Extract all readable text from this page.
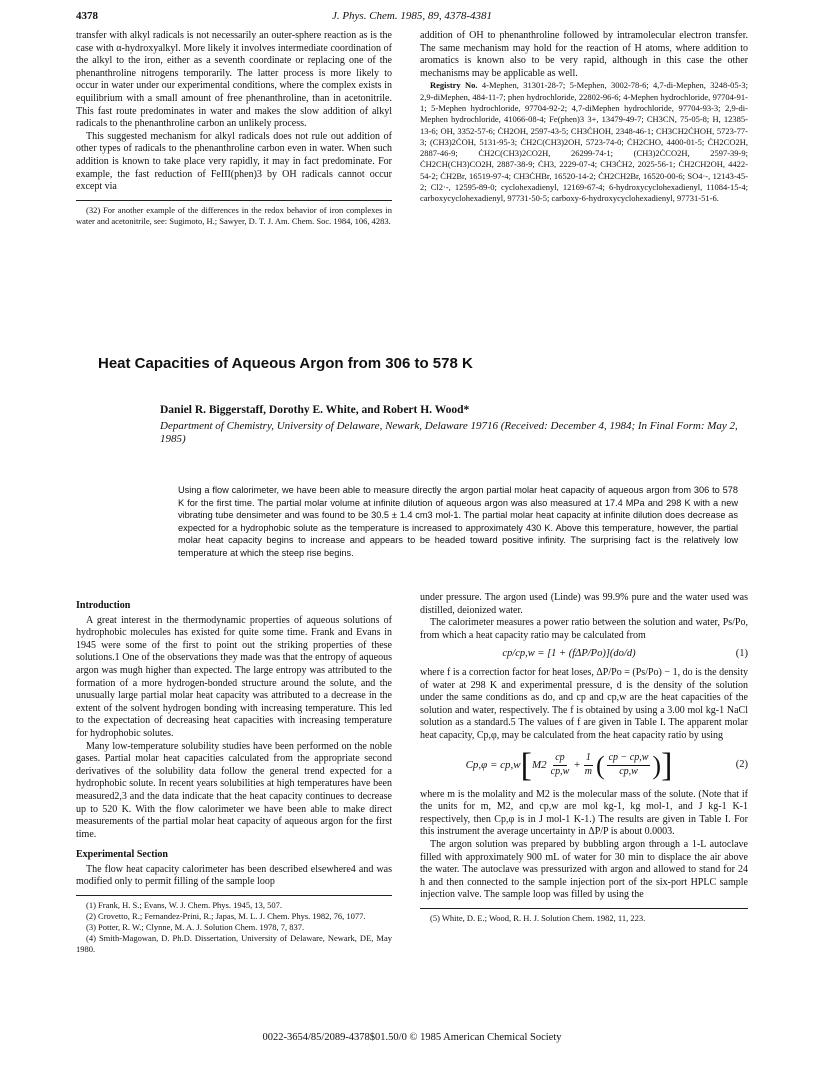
4378	J. Phys. Chem. 1985, 89, 4378-4381

transfer with alkyl radicals is not necessarily an outer-sphere reaction as is the case with α-hydroxyalkyl. More likely it involves intermediate coordination of the alkyl to the iron, either as a seventh coordinate or replacing one of the phenanthroline nitrogens temporarily. The latter process is more likely to occur in water under our experimental conditions, where the complex exists in equilibrium with a small amount of free phenanthroline, than in acetonitrile. This fast route predominates in water and makes the slow addition of alkyl radicals to the phenanthroline carbon an unlikely process.

This suggested mechanism for alkyl radicals does not rule out addition of other types of radicals to the phenanthroline carbon even in water. When such addition is known to take place very rapidly, it may in fact predominate. For example, the fast reduction of FeIII(phen)3 by OH radicals cannot occur except via

(32) For another example of the differences in the redox behavior of iron complexes in water and acetonitrile, see: Sugimoto, H.; Sawyer, D. T. J. Am. Chem. Soc. 1984, 106, 4283.

addition of OH to phenanthroline followed by intramolecular electron transfer. The same mechanism may hold for the reaction of H atoms, where addition to aromatics is known also to be very rapid, although in this case the other mechanisms may be applicable as well.

Registry No. 4-Mephen, 31301-28-7; 5-Mephen, 3002-78-6; 4,7-di-Mephen, 3248-05-3; 2,9-diMephen, 484-11-7; phen hydrochloride, 22802-96-6; 4-Mephen hydrochloride, 97704-91-1; 5-Mephen hydrochloride, 97704-92-2; 4,7-diMephen hydrochloride, 97704-93-3; 2,9-di-Mephen hydrochloride, 41066-08-4; Fe(phen)3 3+, 13479-49-7; CH3CN, 75-05-8; H, 12385-13-6; OH, 3352-57-6; ĊH2OH, 2597-43-5; CH3ĊHOH, 2348-46-1; CH3CH2ĊHOH, 5723-77-3; (CH3)2ĊOH, 5131-95-3; ĊH2C(CH3)2OH, 5723-74-0; ĊH2CHO, 4400-01-5; ĊH2CO2H, 2887-46-9; ĊH2C(CH3)2CO2H, 26299-74-1; (CH3)2ĊCO2H, 2597-39-9; ĊH2CH(CH3)CO2H, 2887-38-9; ĊH3, 2229-07-4; CH3ĊH2, 2025-56-1; ĊH2CH2OH, 4422-54-2; ĊH2Br, 16519-97-4; CH3ĊHBr, 16520-14-2; ĊH2CH2Br, 16520-00-6; SO4·-, 12143-45-2; Cl2·-, 12595-89-0; cyclohexadienyl, 12169-67-4; 6-hydroxycyclohexadienyl, 11084-15-4; carboxycyclohexadienyl, 97731-50-5; carboxy-6-hydroxycyclohexadienyl, 97731-51-6.

Heat Capacities of Aqueous Argon from 306 to 578 K
Daniel R. Biggerstaff, Dorothy E. White, and Robert H. Wood*
Department of Chemistry, University of Delaware, Newark, Delaware 19716 (Received: December 4, 1984; In Final Form: May 2, 1985)
Using a flow calorimeter, we have been able to measure directly the argon partial molar heat capacity of aqueous argon from 306 to 578 K for the first time. The partial molar volume at infinite dilution of aqueous argon was also measured at 17.4 MPa and 298 K with a new vibrating tube densimeter and was found to be 30.5 ± 1.4 cm3 mol-1. The partial molar heat capacity at infinite dilution does decrease as expected for a hydrophobic solute as the temperature is increased to approximately 430 K. Above this temperature, however, the partial molar heat capacity begins to increase and appears to be headed toward positive infinity. The surprising fact is the relatively low temperature at which the steep rise begins.
Introduction

A great interest in the thermodynamic properties of aqueous solutions of hydrophobic molecules has existed for quite some time. Frank and Evans in 1945 were some of the first to point out the striking properties of these solutions.1 One of the observations they made was that the entropy of aqueous argon was mugh higher than expected. The large entropy was attributed to the formation of a more hydrogen-bonded structure around the solute, and the unusually large partial molar heat capacity was attributed to a decrease in the extent of the solvent hydrogen bonding with increasing temperature. This led to the expectation of decreasing heat capacities with increasing temperature for hydrophobic solutes.

Many low-temperature solubility studies have been performed on the noble gases. Partial molar heat capacities calculated from the appropriate second derivatives of the solubility data follow the general trend expected for a hydrophobic solute. In recent years solubilities at high temperatures have been measured2,3 and the data indicate that the heat capacity continues to decrease up to 520 K. With the flow calorimeter we have been able to make direct measurements of the partial molar heat capacity of aqueous argon for the first time.

Experimental Section

The flow heat capacity calorimeter has been described elsewhere4 and was modified only to permit filling of the sample loop

(1) Frank, H. S.; Evans, W. J. Chem. Phys. 1945, 13, 507.

(2) Crovetto, R.; Fernandez-Prini, R.; Japas, M. L. J. Chem. Phys. 1982, 76, 1077.

(3) Potter, R. W.; Clynne, M. A. J. Solution Chem. 1978, 7, 837.

(4) Smith-Magowan, D. Ph.D. Dissertation, University of Delaware, Newark, DE, May 1980.

under pressure. The argon used (Linde) was 99.9% pure and the water used was distilled, deionized water.

The calorimeter measures a power ratio between the solution and water, Ps/Po, from which a heat capacity ratio may be calculated from

cp/cp,w = [1 + (fΔP/Po)](do/d)	(1)

where f is a correction factor for heat loses, ΔP/Po = (Ps/Po) − 1, do is the density of water at 298 K and experimental pressure, d is the density of the solution under the same conditions as do, and cp and cp,w are the heat capacities of the solution and water, respectively. The f is obtained by using a 3.00 mol kg-1 NaCl solution as a standard.5 The values of f are given in Table I. The apparent molar heat capacity, Cp,φ, may be calculated from the heat capacity ratio by using

Cp,φ = cp,w [ $M2 \frac{cp}{cp,w} + \frac{1}{m}$ ( $\frac{cp - cp,w}{cp,w}$ ) ]	(2)

where m is the molality and M2 is the molecular mass of the solute. (Note that if the units for m, M2, and cp,w are mol kg-1, kg mol-1, and J kg-1 K-1 respectively, then Cp,φ is in J mol-1 K-1.) The results are given in Table I. For this instrument the average uncertainty in ΔP/P is about 0.0003.

The argon solution was prepared by bubbling argon through a 1-L autoclave filled with approximately 900 mL of water for 30 min to displace the air above the water. The autoclave was pressurized with argon and allowed to stand for 24 h and then connected to the sample injection port of the six-port HPLC sample injection valve. The sample loop was filled by using the

(5) White, D. E.; Wood, R. H. J. Solution Chem. 1982, 11, 223.

0022-3654/85/2089-4378$01.50/0 © 1985 American Chemical Society
